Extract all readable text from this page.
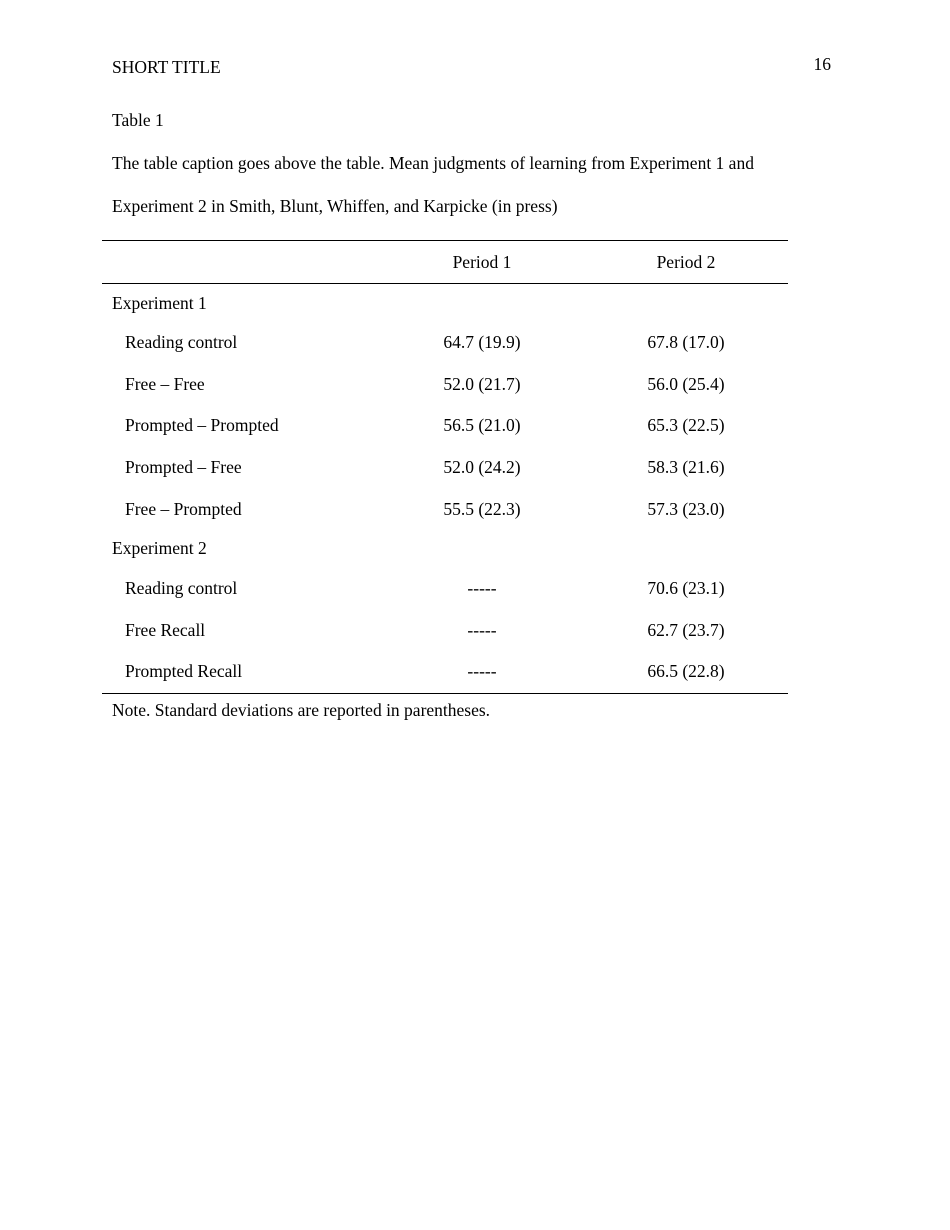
SHORT TITLE	16
Table 1

The table caption goes above the table. Mean judgments of learning from Experiment 1 and Experiment 2 in Smith, Blunt, Whiffen, and Karpicke (in press)

	Period 1	Period 2
Experiment 1		
Reading control	64.7 (19.9)	67.8 (17.0)
Free – Free	52.0 (21.7)	56.0 (25.4)
Prompted – Prompted	56.5 (21.0)	65.3 (22.5)
Prompted – Free	52.0 (24.2)	58.3 (21.6)
Free – Prompted	55.5 (22.3)	57.3 (23.0)
Experiment 2		
Reading control	-----	70.6 (23.1)
Free Recall	-----	62.7 (23.7)
Prompted Recall	-----	66.5 (22.8)
Note. Standard deviations are reported in parentheses.
